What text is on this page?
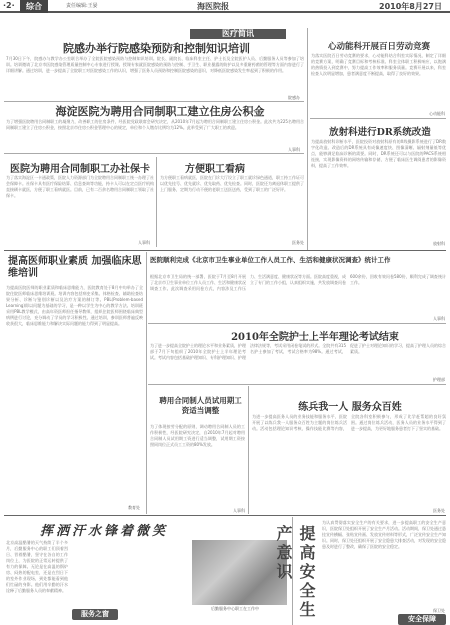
·2·	综合	责任编辑:王晏	海医院报	2010年8月27日
医疗简讯
院感办举行院感染预防和控制知识培训
7月30日下午，院感办与教学办公室联合举办了全院医院感染预防与控制知识培训。院长、副院长、临床科室主任、护士长及全院医护人员、后勤服务人员等参加了培训。培训邀请了北京市医院感染管理质量控制中心专家进行授课。授课专家就医院感染的预防与控制、手卫生、职业暴露的防护以及多重耐药菌的管理等方面内容进行了详细讲解。通过培训，进一步提高了全院职工对医院感染工作的认识，增强了医务人员预防和控制医院感染的意识，对降低医院感染发生率起到了积极的作用。
院感办
海淀医院为聘用合同制职工建立住房公积金
为了增强医院聘用合同制职工的凝聚力，改善职工的住房条件，经医院党政联席会研究决定，从2010年7月起为聘用合同制职工建立住房公积金。此次共为225名聘用合同制职工建立了住房公积金，按照北京市住房公积金管理中心的规定，单位和个人缴存比例均为12%。此举受到了广大职工的欢迎。
人事科
医院为聘用合同制职工办社保卡
为了落实海淀区一卡通政策，医院人力资源部门为全院聘用合同制职工统一办理了社会保障卡。社保卡具有医疗保险结算、信息查询等功能，持卡人可以在定点医疗机构直接刷卡就医，方便了职工看病就医。目前，已有二百余名聘用合同制职工领取了社保卡。
人事科
方便职工看病
为方便职工看病就医，医院在门诊大厅设立了职工就诊绿色通道，职工持工作证可以优先挂号、优先就诊、优先取药、优先检查。同时，医院还为离退休职工提供了上门服务，定期为行动不便的老职工送医送药，受到了职工的广泛好评。
医务处
心动能科开展百日劳动竞赛
为落实医院百日劳动竞赛的要求，心动能科结合科室实际情况，制定了详细的竞赛方案，明确了竞赛目标和考核标准。科室全体职工积极响应，以饱满的热情投入到竞赛中，努力提高工作效率和服务质量。竞赛开展以来，科室检查人次明显增加，患者满意度不断提高，取得了良好的效果。
心动能科
放射科进行DR系统改造
为提高放射科诊断水平，医院投资对放射科原有的X线摄影系统进行了DR数字化改造。改造后的DR系统具有成像速度快、图像清晰、辐射剂量低等优点，能够满足临床诊断的需要。同时，DR系统还可以与医院的PACS系统相连接，实现影像资料的网络传输和存储，方便了临床医生调阅患者的影像资料，提高了工作效率。
放射科
提高医师职业素质 加强临床思维培训
为提高医院医师的职业素质和临床思维能力，医院教育处于8月中旬举办了全院住院医师临床思维培训班。培训内容包括病史采集、体格检查、辅助检查结果分析、诊断与鉴别诊断以及治疗方案的制订等。PBL(Problem-based Learning)即以问题为基础的学习，是一种以学生为中心的教学方法。培训班采用PBL教学模式，由高年资医师担任指导教师，组织住院医师围绕临床典型病例进行讨论，充分调动了学员的学习积极性。通过培训，参训医师普遍反映收获很大，临床思维能力和解决实际问题的能力得到了明显提高。
教育处
医院顺利完成《北京市卫生事业单位工作人员工作、生活和健康状况调查》统计工作
根据北京市卫生局的统一部署，医院于7月至8月开展了北京市卫生事业单位工作人员工作、生活和健康状况调查工作。此次调查采用问卷方式，内容涉及工作压力、生活满意度、健康状况等方面。医院高度重视，成立了专门的工作小组，认真组织实施，共发放调查问卷600余份，回收有效问卷580份，顺利完成了调查统计工作。
人事科
2010年全院护士上半年理论考试结束
为了进一步提高全院护士的理论水平和业务素质，护理部于7月下旬组织了2010年全院护士上半年理论考试。考试内容包括基础护理知识、专科护理知识、护理法律法规等，考试采用闭卷笔试的形式。全院共有315名护士参加了考试，考试合格率为98%。通过考试，促进了护士对理论知识的学习，提高了护理人员的综合素质。
护理部
聘用合同制人员试用期工资适当调整
为了体现按劳分配的原则，调动聘用合同制人员的工作积极性，经医院研究决定，自2010年7月起对聘用合同制人员试用期工资进行适当调整，试用期工资按照同岗位正式员工工资的80%发放。
人事科
练兵我一人 服务众百姓
为进一步提高医务人员的业务技能和服务水平，医院开展了以练兵我一人服务众百姓为主题的岗位练兵活动。活动包括理论知识考核、操作技能比赛等内容，全院各科室积极参与，形成了比学赶帮超的良好氛围。通过岗位练兵活动，医务人员的业务水平得到了进一步提高，为更好地服务患者打下了坚实的基础。
医务处
挥洒汗水锋着微笑
北京高温酷暑的天气持续了半个多月，后勤服务中心的职工们顶着烈日、冒着酷暑，坚守在各自的工作岗位上，为医院的正常运转提供了有力的保障。无论是在高温的锅炉房、闷热的配电室，还是在烈日下的室外作业现场，到处都能看到他们忙碌的身影。他们用辛勤的汗水诠释了后勤服务人员的奉献精神。
服务之窗
后勤服务中心职工在工作中	提高安全生产意识
为认真贯彻落实安全生产的有关要求，进一步提高职工的安全生产意识，医院保卫处组织开展了安全生产月活动。活动期间，保卫处通过悬挂宣传横幅、张贴宣传画、发放宣传材料等形式，广泛宣传安全生产知识。同时，保卫处还组织开展了安全隐患大排查活动，对发现的安全隐患及时进行了整改，确保了医院的安全稳定。
保卫处
安全保障
